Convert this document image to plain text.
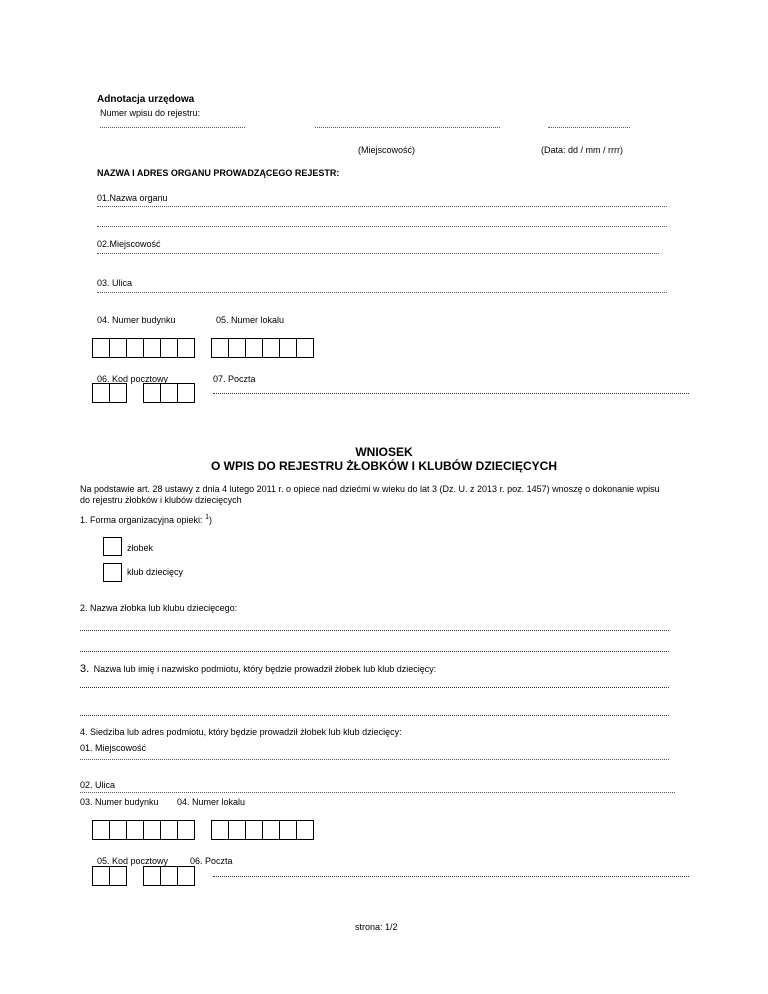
Adnotacja urzędowa
Numer wpisu do rejestru:
(Miejscowość)	(Data: dd / mm / rrrr)
NAZWA I ADRES ORGANU PROWADZĄCEGO REJESTR:
01.Nazwa organu
02.Miejscowość
03. Ulica
04. Numer budynku	05. Numer lokalu
06. Kod pocztowy	07. Poczta
WNIOSEK
O WPIS DO REJESTRU ŻŁOBKÓW I KLUBÓW DZIECIĘCYCH
Na podstawie art. 28 ustawy z dnia 4 lutego 2011 r. o opiece nad dziećmi w wieku do lat 3 (Dz. U. z 2013 r. poz. 1457) wnoszę o dokonanie wpisu
do rejestru żłobków i klubów dziecięcych
1. Forma organizacyjna opieki: $^1$)
żłobek
klub dziecięcy
2. Nazwa żłobka lub klubu dziecięcego:
3. Nazwa lub imię i nazwisko podmiotu, który będzie prowadził żłobek lub klub dziecięcy:
4. Siedziba lub adres podmiotu, który będzie prowadził żłobek lub klub dziecięcy:
01. Miejscowość
02. Ulica
03. Numer budynku 04. Numer lokalu
05. Kod pocztowy 06. Poczta
strona: 1/2
